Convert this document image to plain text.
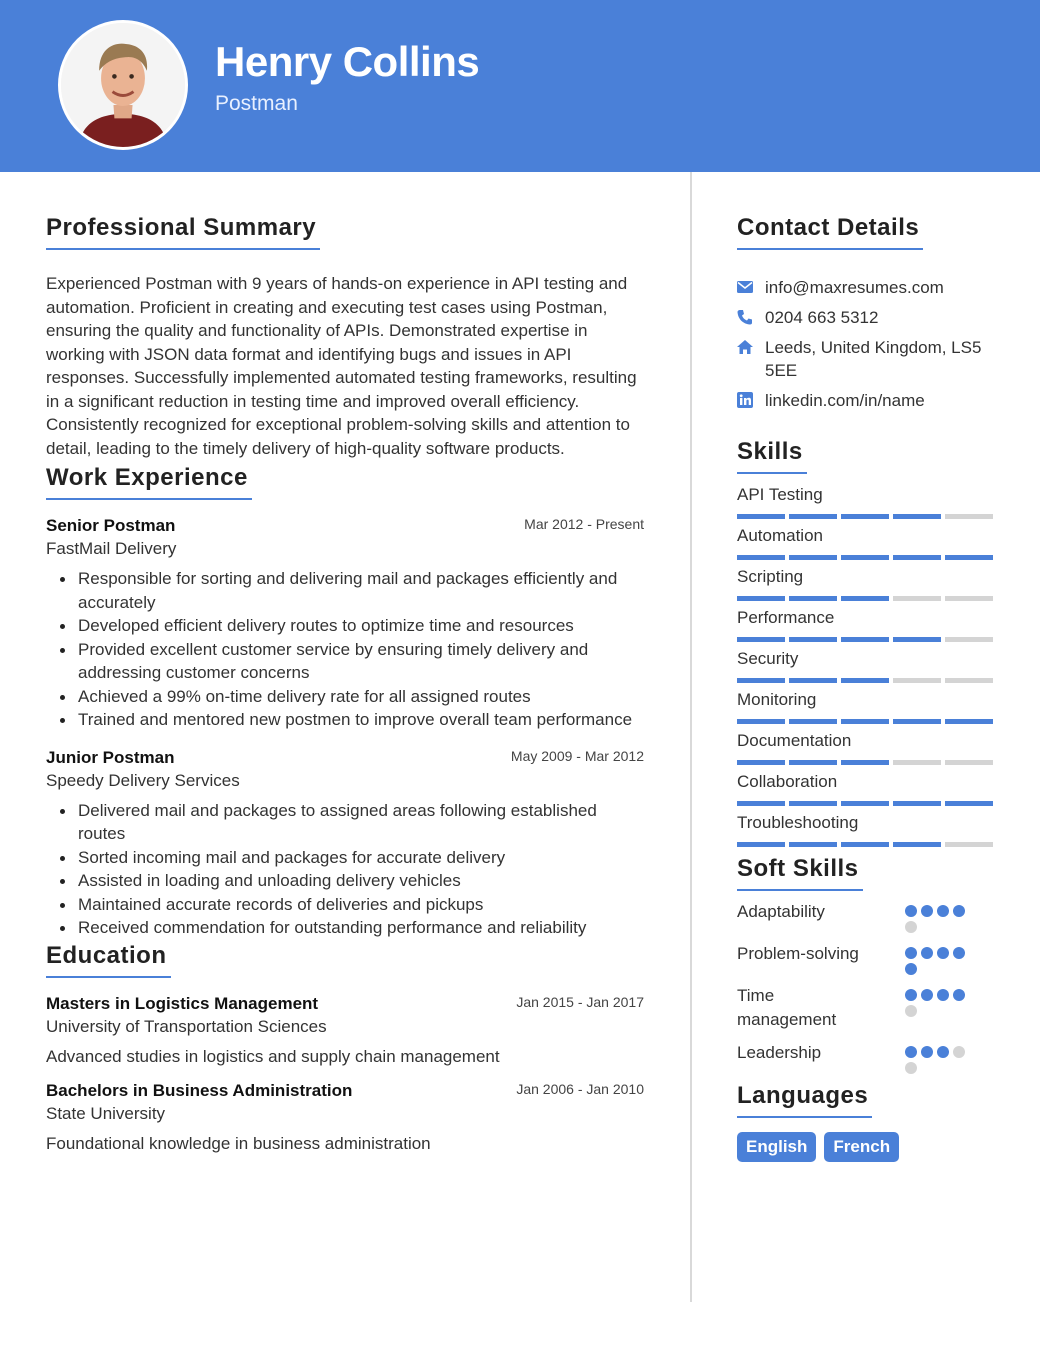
Henry Collins
Postman
Professional Summary

Experienced Postman with 9 years of hands-on experience in API testing and automation. Proficient in creating and executing test cases using Postman, ensuring the quality and functionality of APIs. Demonstrated expertise in working with JSON data format and identifying bugs and issues in API responses. Successfully implemented automated testing frameworks, resulting in a significant reduction in testing time and improved overall efficiency. Consistently recognized for exceptional problem-solving skills and attention to detail, leading to the timely delivery of high-quality software products.

Work Experience
Senior Postman	Mar 2012 - Present
FastMail Delivery
Responsible for sorting and delivering mail and packages efficiently and accurately
Developed efficient delivery routes to optimize time and resources
Provided excellent customer service by ensuring timely delivery and addressing customer concerns
Achieved a 99% on-time delivery rate for all assigned routes
Trained and mentored new postmen to improve overall team performance
Junior Postman	May 2009 - Mar 2012
Speedy Delivery Services
Delivered mail and packages to assigned areas following established routes
Sorted incoming mail and packages for accurate delivery
Assisted in loading and unloading delivery vehicles
Maintained accurate records of deliveries and pickups
Received commendation for outstanding performance and reliability
Education
Masters in Logistics Management	Jan 2015 - Jan 2017
University of Transportation Sciences
Advanced studies in logistics and supply chain management
Bachelors in Business Administration	Jan 2006 - Jan 2010
State University
Foundational knowledge in business administration
Contact Details
info@maxresumes.com
0204 663 5312
Leeds, United Kingdom, LS5 5EE
linkedin.com/in/name
Skills
API Testing
Automation
Scripting
Performance
Security
Monitoring
Documentation
Collaboration
Troubleshooting
Soft Skills
Adaptability
Problem-solving
Time management
Leadership
Languages
English	French
